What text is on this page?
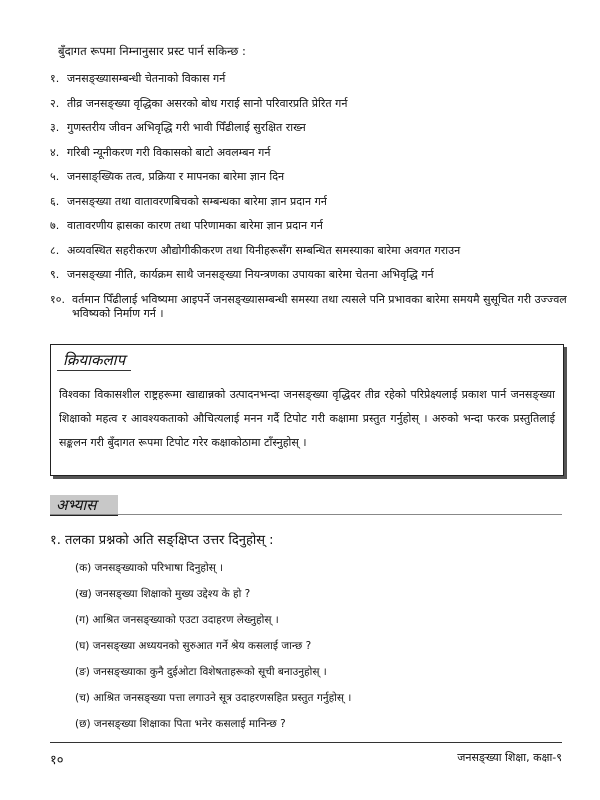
बुँदागत रूपमा निम्नानुसार प्रस्ट पार्न सकिन्छ :
१. जनसङ्ख्यासम्बन्धी चेतनाको विकास गर्न
२. तीव्र जनसङ्ख्या वृद्धिका असरको बोध गराई सानो परिवारप्रति प्रेरित गर्न
३. गुणस्तरीय जीवन अभिवृद्धि गरी भावी पिँढीलाई सुरक्षित राख्न
४. गरिबी न्यूनीकरण गरी विकासको बाटो अवलम्बन गर्न
५. जनसाङ्ख्यिक तत्व, प्रक्रिया र मापनका बारेमा ज्ञान दिन
६. जनसङ्ख्या तथा वातावरणबिचको सम्बन्धका बारेमा ज्ञान प्रदान गर्न
७. वातावरणीय ह्रासका कारण तथा परिणामका बारेमा ज्ञान प्रदान गर्न
८. अव्यवस्थित सहरीकरण औद्योगीकीकरण तथा यिनीहरूसँग सम्बन्धित समस्याका बारेमा अवगत गराउन
९. जनसङ्ख्या नीति, कार्यक्रम साथै जनसङ्ख्या नियन्त्रणका उपायका बारेमा चेतना अभिवृद्धि गर्न
१०. वर्तमान पिँढीलाई भविष्यमा आइपर्ने जनसङ्ख्यासम्बन्धी समस्या तथा त्यसले पनि प्रभावका बारेमा समयमै सुसूचित गरी उज्ज्वल भविष्यको निर्माण गर्न ।
क्रियाकलाप
विश्वका विकासशील राष्ट्रहरूमा खाद्यान्नको उत्पादनभन्दा जनसङ्ख्या वृद्धिदर तीव्र रहेको परिप्रेक्ष्यलाई प्रकाश पार्न जनसङ्ख्या शिक्षाको महत्व र आवश्यकताको औचित्यलाई मनन गर्दै टिपोट गरी कक्षामा प्रस्तुत गर्नुहोस् । अरुको भन्दा फरक प्रस्तुतिलाई सङ्कलन गरी बुँदागत रूपमा टिपोट गरेर कक्षाकोठामा टाँस्नुहोस् ।
अभ्यास
१. तलका प्रश्नको अति सङ्क्षिप्त उत्तर दिनुहोस् :
(क) जनसङ्ख्याको परिभाषा दिनुहोस् ।
(ख) जनसङ्ख्या शिक्षाको मुख्य उद्देश्य के हो ?
(ग) आश्रित जनसङ्ख्याको एउटा उदाहरण लेख्नुहोस् ।
(घ) जनसङ्ख्या अध्ययनको सुरुआत गर्ने श्रेय कसलाई जान्छ ?
(ङ) जनसङ्ख्याका कुनै दुईओटा विशेषताहरूको सूची बनाउनुहोस् ।
(च) आश्रित जनसङ्ख्या पत्ता लगाउने सूत्र उदाहरणसहित प्रस्तुत गर्नुहोस् ।
(छ) जनसङ्ख्या शिक्षाका पिता भनेर कसलाई मानिन्छ ?
१०	जनसङ्ख्या शिक्षा, कक्षा-९
